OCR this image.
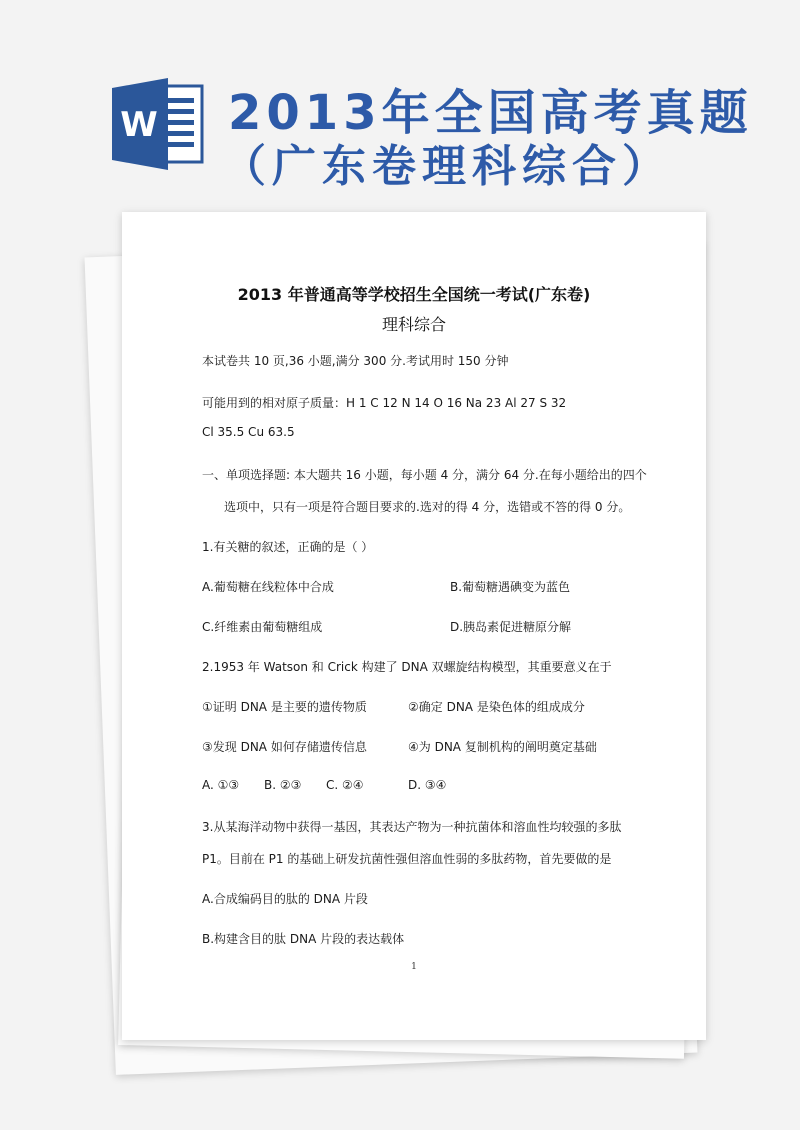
W 2013年全国高考真题
（广东卷理科综合）
2013 年普通高等学校招生全国统一考试(广东卷)
理科综合
本试卷共 10 页,36 小题,满分 300 分.考试用时 150 分钟
可能用到的相对原子质量：H 1 C 12 N 14 O 16 Na 23 Al 27 S 32
Cl 35.5 Cu 63.5
一、单项选择题: 本大题共 16 小题，每小题 4 分，满分 64 分.在每小题给出的四个
选项中，只有一项是符合题目要求的.选对的得 4 分，选错或不答的得 0 分。
1.有关糖的叙述，正确的是（ ）
A.葡萄糖在线粒体中合成	B.葡萄糖遇碘变为蓝色
C.纤维素由葡萄糖组成	D.胰岛素促进糖原分解
2.1953 年 Watson 和 Crick 构建了 DNA 双螺旋结构模型，其重要意义在于
①证明 DNA 是主要的遗传物质	②确定 DNA 是染色体的组成成分
③发现 DNA 如何存储遗传信息	④为 DNA 复制机构的阐明奠定基础
A. ①③ B. ②③ C. ②④	D. ③④
3.从某海洋动物中获得一基因，其表达产物为一种抗菌体和溶血性均较强的多肽
P1。目前在 P1 的基础上研发抗菌性强但溶血性弱的多肽药物，首先要做的是
A.合成编码目的肽的 DNA 片段
B.构建含目的肽 DNA 片段的表达载体
1
